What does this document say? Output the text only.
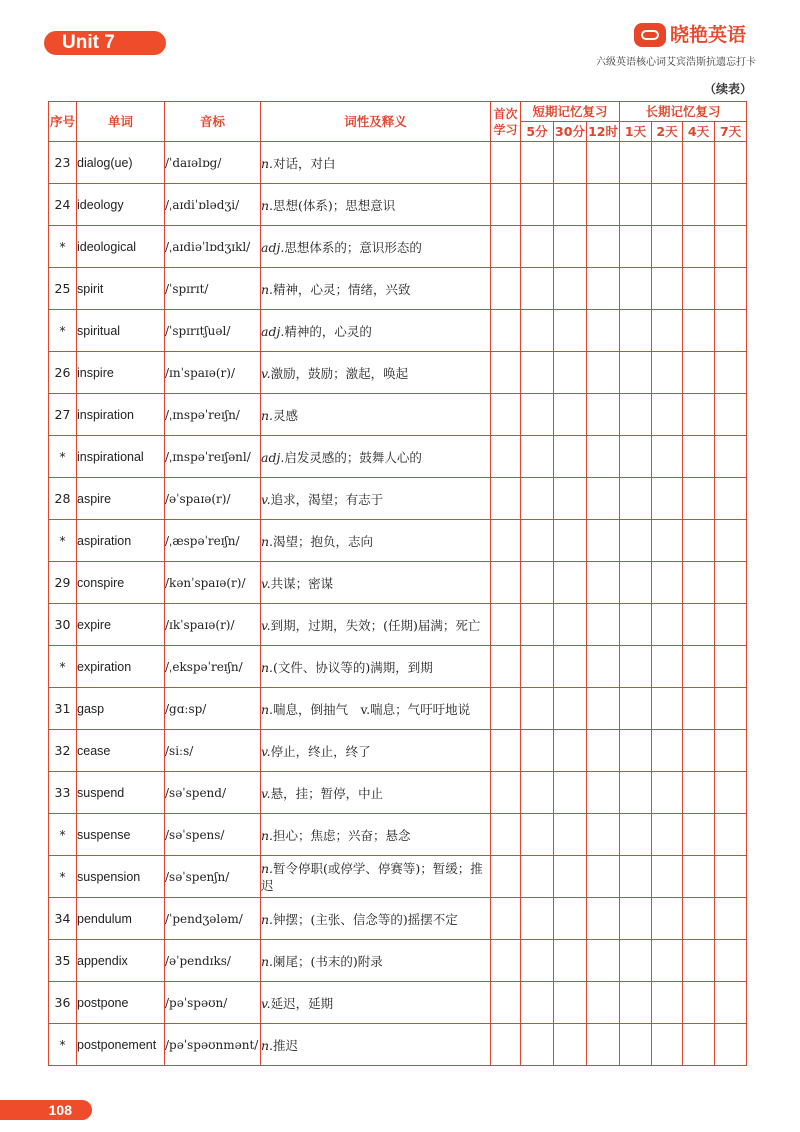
Unit 7	晓艳英语
六级英语核心词艾宾浩斯抗遗忘打卡
（续表）
序号	单词	音标	词性及释义	首次学习	短期记忆复习			长期记忆复习			
					5分	30分	12时	1天	2天	4天	7天
23	dialog(ue)	/ˈdaɪəlɒg/	n.对话，对白								
24	ideology	/ˌaɪdiˈɒlədʒi/	n.思想(体系)；思想意识								
*	ideological	/ˌaɪdiəˈlɒdʒɪkl/	adj.思想体系的；意识形态的								
25	spirit	/ˈspɪrɪt/	n.精神，心灵；情绪，兴致								
*	spiritual	/ˈspɪrɪtʃuəl/	adj.精神的，心灵的								
26	inspire	/ɪnˈspaɪə(r)/	v.激励，鼓励；激起，唤起								
27	inspiration	/ˌɪnspəˈreɪʃn/	n.灵感								
*	inspirational	/ˌɪnspəˈreɪʃənl/	adj.启发灵感的；鼓舞人心的								
28	aspire	/əˈspaɪə(r)/	v.追求，渴望；有志于								
*	aspiration	/ˌæspəˈreɪʃn/	n.渴望；抱负，志向								
29	conspire	/kənˈspaɪə(r)/	v.共谋；密谋								
30	expire	/ɪkˈspaɪə(r)/	v.到期，过期，失效；(任期)届满；死亡								
*	expiration	/ˌekspəˈreɪʃn/	n.(文件、协议等的)满期，到期								
31	gasp	/gɑːsp/	n.喘息，倒抽气　v.喘息；气吁吁地说								
32	cease	/siːs/	v.停止，终止，终了								
33	suspend	/səˈspend/	v.悬，挂；暂停，中止								
*	suspense	/səˈspens/	n.担心；焦虑；兴奋；悬念								
*	suspension	/səˈspenʃn/	n.暂令停职(或停学、停赛等)；暂缓；推迟								
34	pendulum	/ˈpendʒələm/	n.钟摆；(主张、信念等的)摇摆不定								
35	appendix	/əˈpendɪks/	n.阑尾；(书末的)附录								
36	postpone	/pəˈspəʊn/	v.延迟，延期								
*	postponement	/pəˈspəʊnmənt/	n.推迟								
108
